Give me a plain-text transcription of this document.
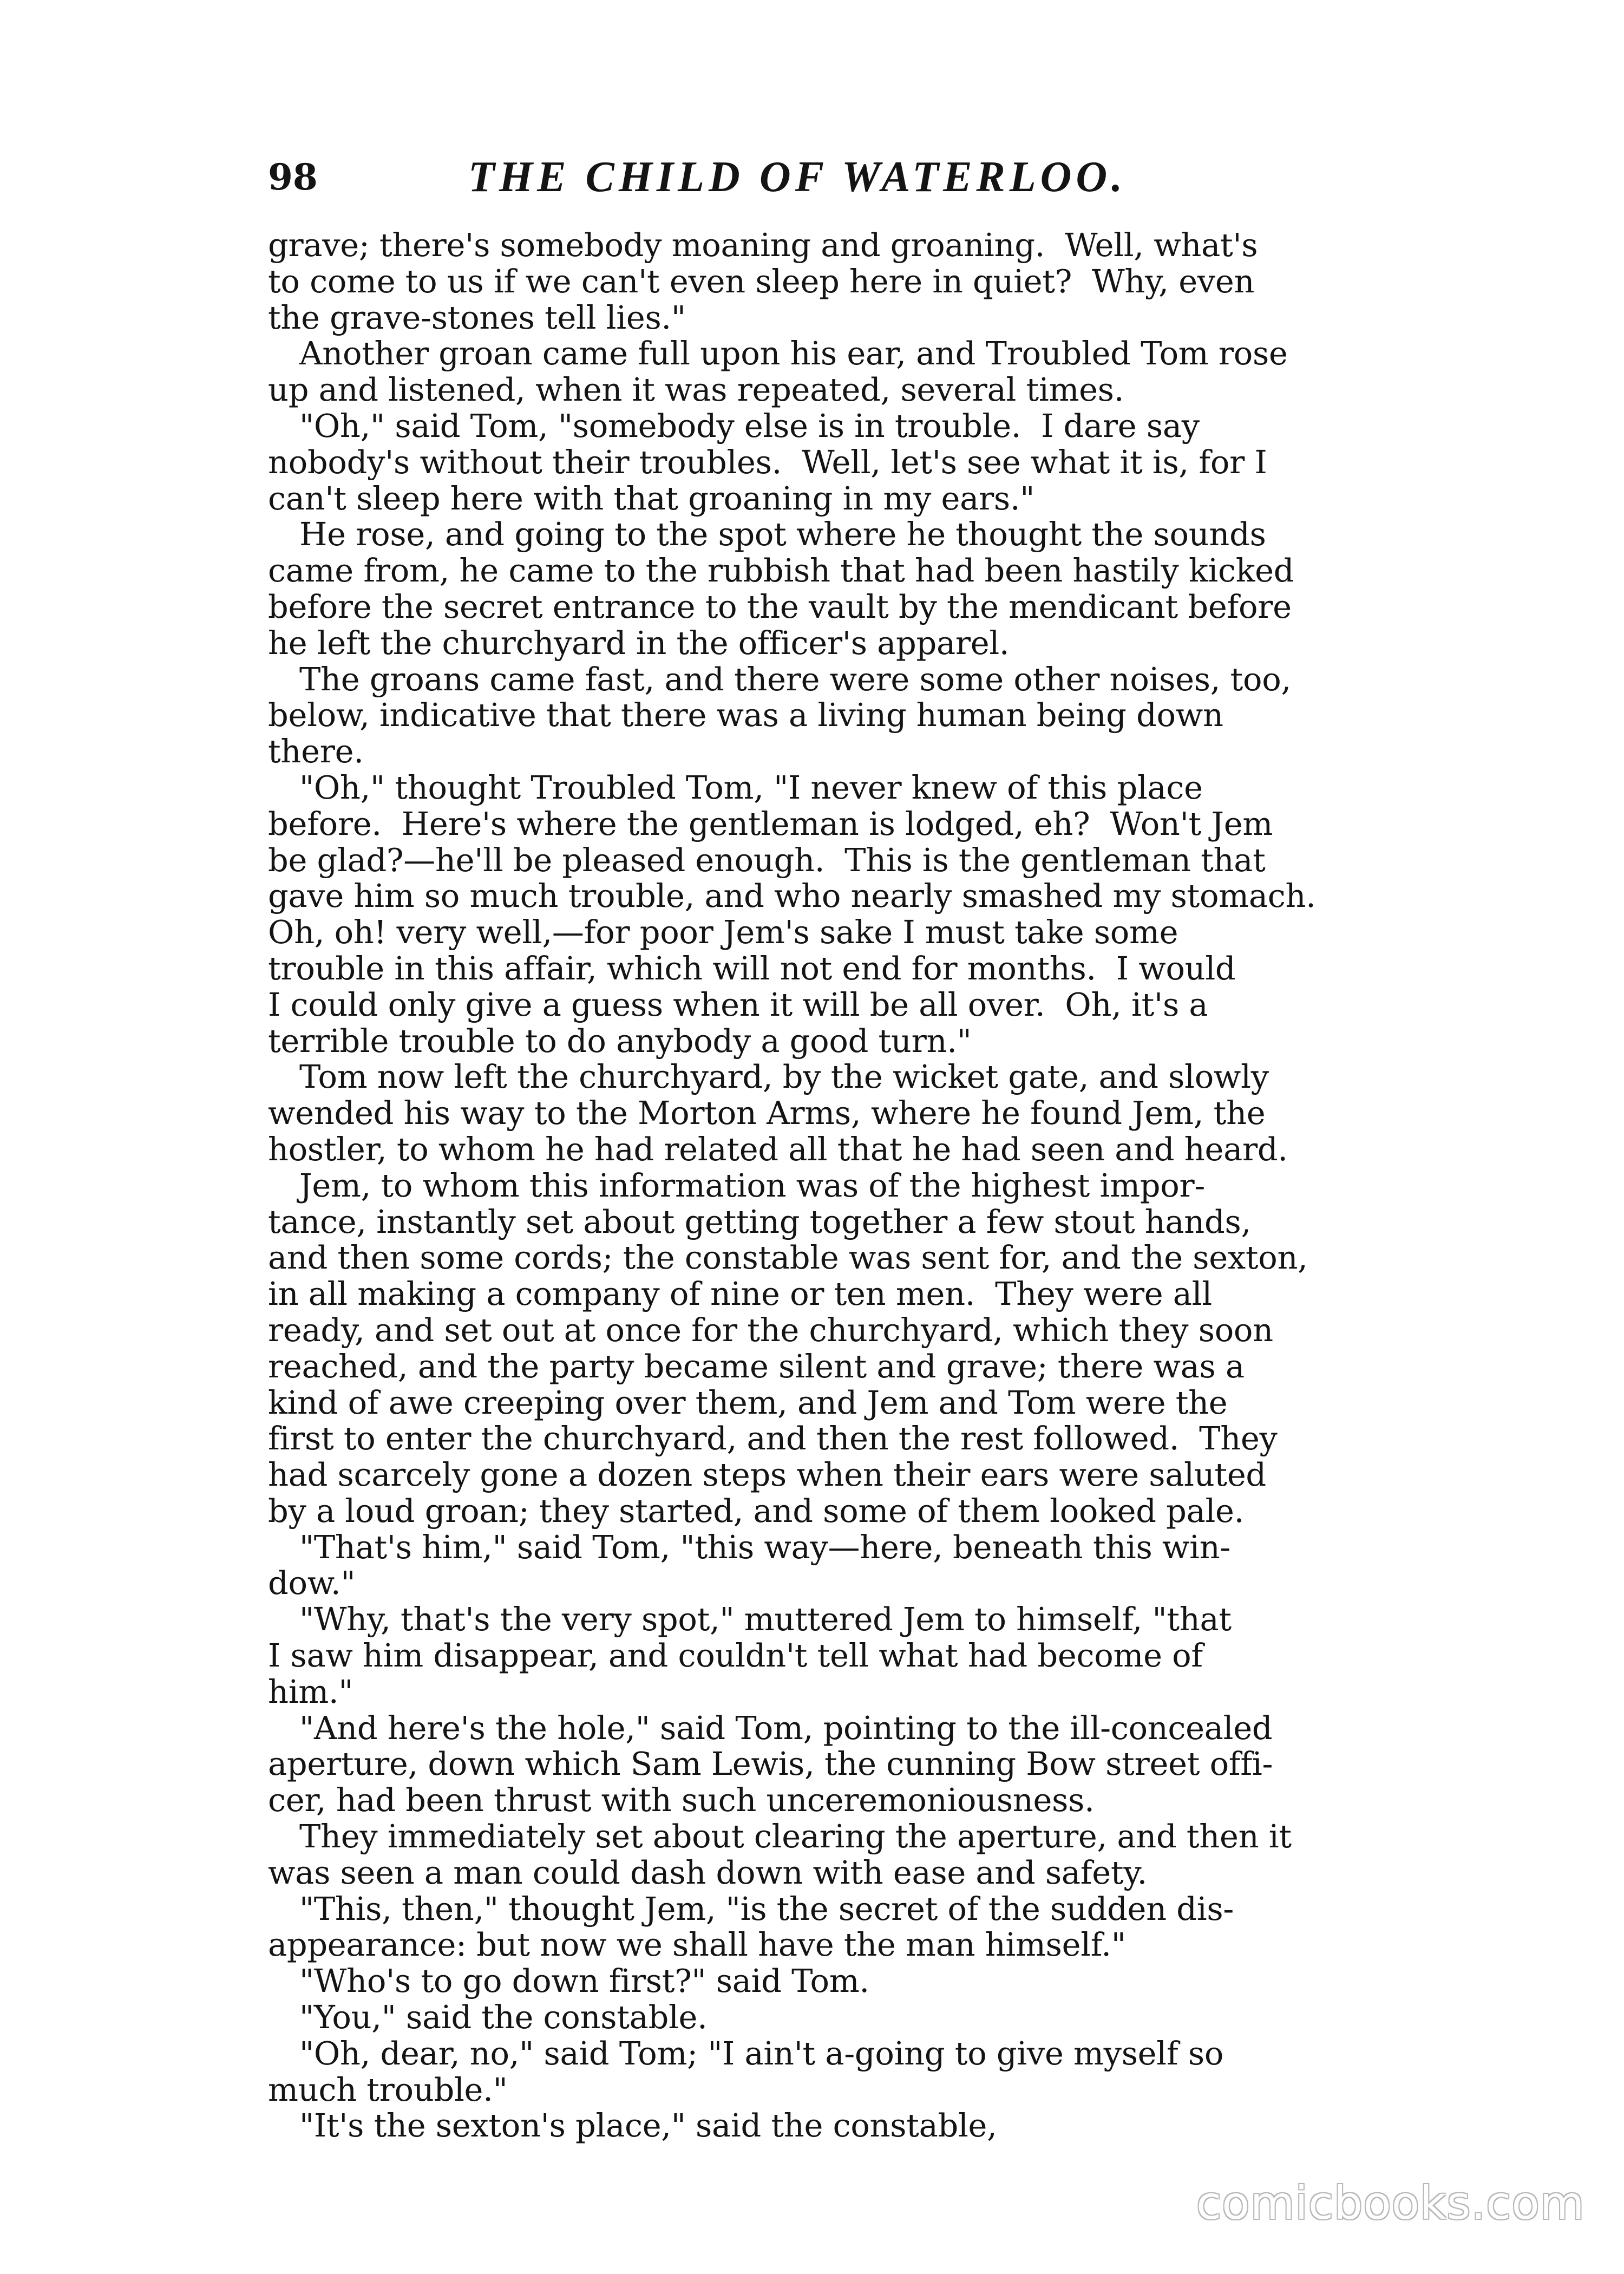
98	THE CHILD OF WATERLOO.

grave; there's somebody moaning and groaning.  Well, what's

to come to us if we can't even sleep here in quiet?  Why, even

the grave-stones tell lies."

Another groan came full upon his ear, and Troubled Tom rose

up and listened, when it was repeated, several times.

"Oh," said Tom, "somebody else is in trouble.  I dare say

nobody's without their troubles.  Well, let's see what it is, for I

can't sleep here with that groaning in my ears."

He rose, and going to the spot where he thought the sounds

came from, he came to the rubbish that had been hastily kicked

before the secret entrance to the vault by the mendicant before

he left the churchyard in the officer's apparel.

The groans came fast, and there were some other noises, too,

below, indicative that there was a living human being down

there.

"Oh," thought Troubled Tom, "I never knew of this place

before.  Here's where the gentleman is lodged, eh?  Won't Jem

be glad?—he'll be pleased enough.  This is the gentleman that

gave him so much trouble, and who nearly smashed my stomach.

Oh, oh! very well,—for poor Jem's sake I must take some

trouble in this affair, which will not end for months.  I would

I could only give a guess when it will be all over.  Oh, it's a

terrible trouble to do anybody a good turn."

Tom now left the churchyard, by the wicket gate, and slowly

wended his way to the Morton Arms, where he found Jem, the

hostler, to whom he had related all that he had seen and heard.

Jem, to whom this information was of the highest impor-

tance, instantly set about getting together a few stout hands,

and then some cords; the constable was sent for, and the sexton,

in all making a company of nine or ten men.  They were all

ready, and set out at once for the churchyard, which they soon

reached, and the party became silent and grave; there was a

kind of awe creeping over them, and Jem and Tom were the

first to enter the churchyard, and then the rest followed.  They

had scarcely gone a dozen steps when their ears were saluted

by a loud groan; they started, and some of them looked pale.

"That's him," said Tom, "this way—here, beneath this win-

dow."

"Why, that's the very spot," muttered Jem to himself, "that

I saw him disappear, and couldn't tell what had become of

him."

"And here's the hole," said Tom, pointing to the ill-concealed

aperture, down which Sam Lewis, the cunning Bow street offi-

cer, had been thrust with such unceremoniousness.

They immediately set about clearing the aperture, and then it

was seen a man could dash down with ease and safety.

"This, then," thought Jem, "is the secret of the sudden dis-

appearance: but now we shall have the man himself."

"Who's to go down first?" said Tom.

"You," said the constable.

"Oh, dear, no," said Tom; "I ain't a-going to give myself so

much trouble."

"It's the sexton's place," said the constable,

comicbooks.com
